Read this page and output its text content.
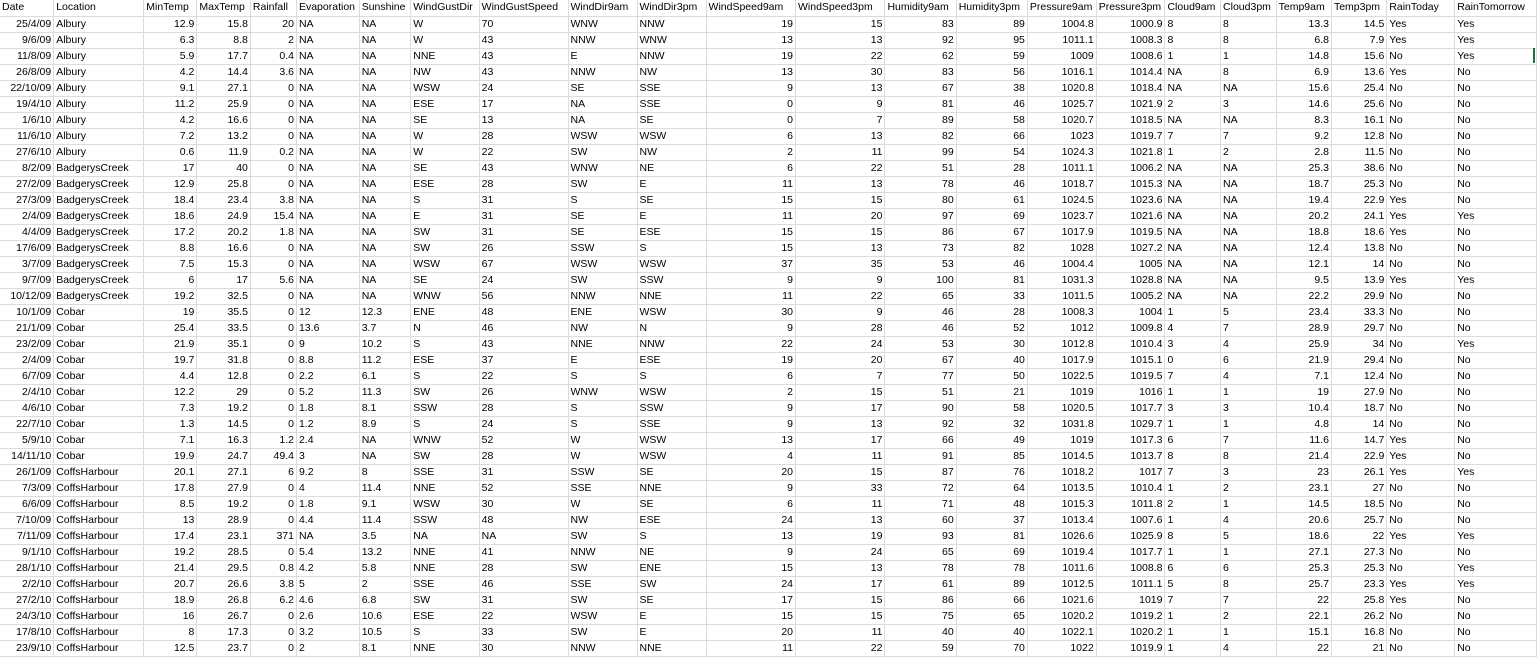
Date	Location	MinTemp	MaxTemp	Rainfall	Evaporation	Sunshine	WindGustDir	WindGustSpeed	WindDir9am	WindDir3pm	WindSpeed9am	WindSpeed3pm	Humidity9am	Humidity3pm	Pressure9am	Pressure3pm	Cloud9am	Cloud3pm	Temp9am	Temp3pm	RainToday	RainTomorrow
25/4/09	Albury	12.9	15.8	20	NA	NA	W	70	WNW	NNW	19	15	83	89	1004.8	1000.9	8	8	13.3	14.5	Yes	Yes
9/6/09	Albury	6.3	8.8	2	NA	NA	W	43	NNW	WNW	13	13	92	95	1011.1	1008.3	8	8	6.8	7.9	Yes	Yes
11/8/09	Albury	5.9	17.7	0.4	NA	NA	NNE	43	E	NNW	19	22	62	59	1009	1008.6	1	1	14.8	15.6	No	Yes
26/8/09	Albury	4.2	14.4	3.6	NA	NA	NW	43	NNW	NW	13	30	83	56	1016.1	1014.4	NA	8	6.9	13.6	Yes	No
22/10/09	Albury	9.1	27.1	0	NA	NA	WSW	24	SE	SSE	9	13	67	38	1020.8	1018.4	NA	NA	15.6	25.4	No	No
19/4/10	Albury	11.2	25.9	0	NA	NA	ESE	17	NA	SSE	0	9	81	46	1025.7	1021.9	2	3	14.6	25.6	No	No
1/6/10	Albury	4.2	16.6	0	NA	NA	SE	13	NA	SE	0	7	89	58	1020.7	1018.5	NA	NA	8.3	16.1	No	No
11/6/10	Albury	7.2	13.2	0	NA	NA	W	28	WSW	WSW	6	13	82	66	1023	1019.7	7	7	9.2	12.8	No	No
27/6/10	Albury	0.6	11.9	0.2	NA	NA	W	22	SW	NW	2	11	99	54	1024.3	1021.8	1	2	2.8	11.5	No	No
8/2/09	BadgerysCreek	17	40	0	NA	NA	SE	43	WNW	NE	6	22	51	28	1011.1	1006.2	NA	NA	25.3	38.6	No	No
27/2/09	BadgerysCreek	12.9	25.8	0	NA	NA	ESE	28	SW	E	11	13	78	46	1018.7	1015.3	NA	NA	18.7	25.3	No	No
27/3/09	BadgerysCreek	18.4	23.4	3.8	NA	NA	S	31	S	SE	15	15	80	61	1024.5	1023.6	NA	NA	19.4	22.9	Yes	No
2/4/09	BadgerysCreek	18.6	24.9	15.4	NA	NA	E	31	SE	E	11	20	97	69	1023.7	1021.6	NA	NA	20.2	24.1	Yes	Yes
4/4/09	BadgerysCreek	17.2	20.2	1.8	NA	NA	SW	31	SE	ESE	15	15	86	67	1017.9	1019.5	NA	NA	18.8	18.6	Yes	No
17/6/09	BadgerysCreek	8.8	16.6	0	NA	NA	SW	26	SSW	S	15	13	73	82	1028	1027.2	NA	NA	12.4	13.8	No	No
3/7/09	BadgerysCreek	7.5	15.3	0	NA	NA	WSW	67	WSW	WSW	37	35	53	46	1004.4	1005	NA	NA	12.1	14	No	No
9/7/09	BadgerysCreek	6	17	5.6	NA	NA	SE	24	SW	SSW	9	9	100	81	1031.3	1028.8	NA	NA	9.5	13.9	Yes	Yes
10/12/09	BadgerysCreek	19.2	32.5	0	NA	NA	WNW	56	NNW	NNE	11	22	65	33	1011.5	1005.2	NA	NA	22.2	29.9	No	No
10/1/09	Cobar	19	35.5	0	12	12.3	ENE	48	ENE	WSW	30	9	46	28	1008.3	1004	1	5	23.4	33.3	No	No
21/1/09	Cobar	25.4	33.5	0	13.6	3.7	N	46	NW	N	9	28	46	52	1012	1009.8	4	7	28.9	29.7	No	No
23/2/09	Cobar	21.9	35.1	0	9	10.2	S	43	NNE	NNW	22	24	53	30	1012.8	1010.4	3	4	25.9	34	No	Yes
2/4/09	Cobar	19.7	31.8	0	8.8	11.2	ESE	37	E	ESE	19	20	67	40	1017.9	1015.1	0	6	21.9	29.4	No	No
6/7/09	Cobar	4.4	12.8	0	2.2	6.1	S	22	S	S	6	7	77	50	1022.5	1019.5	7	4	7.1	12.4	No	No
2/4/10	Cobar	12.2	29	0	5.2	11.3	SW	26	WNW	WSW	2	15	51	21	1019	1016	1	1	19	27.9	No	No
4/6/10	Cobar	7.3	19.2	0	1.8	8.1	SSW	28	S	SSW	9	17	90	58	1020.5	1017.7	3	3	10.4	18.7	No	No
22/7/10	Cobar	1.3	14.5	0	1.2	8.9	S	24	S	SSE	9	13	92	32	1031.8	1029.7	1	1	4.8	14	No	No
5/9/10	Cobar	7.1	16.3	1.2	2.4	NA	WNW	52	W	WSW	13	17	66	49	1019	1017.3	6	7	11.6	14.7	Yes	No
14/11/10	Cobar	19.9	24.7	49.4	3	NA	SW	28	W	WSW	4	11	91	85	1014.5	1013.7	8	8	21.4	22.9	Yes	No
26/1/09	CoffsHarbour	20.1	27.1	6	9.2	8	SSE	31	SSW	SE	20	15	87	76	1018.2	1017	7	3	23	26.1	Yes	Yes
7/3/09	CoffsHarbour	17.8	27.9	0	4	11.4	NNE	52	SSE	NNE	9	33	72	64	1013.5	1010.4	1	2	23.1	27	No	No
6/6/09	CoffsHarbour	8.5	19.2	0	1.8	9.1	WSW	30	W	SE	6	11	71	48	1015.3	1011.8	2	1	14.5	18.5	No	No
7/10/09	CoffsHarbour	13	28.9	0	4.4	11.4	SSW	48	NW	ESE	24	13	60	37	1013.4	1007.6	1	4	20.6	25.7	No	No
7/11/09	CoffsHarbour	17.4	23.1	371	NA	3.5	NA	NA	SW	S	13	19	93	81	1026.6	1025.9	8	5	18.6	22	Yes	Yes
9/1/10	CoffsHarbour	19.2	28.5	0	5.4	13.2	NNE	41	NNW	NE	9	24	65	69	1019.4	1017.7	1	1	27.1	27.3	No	No
28/1/10	CoffsHarbour	21.4	29.5	0.8	4.2	5.8	NNE	28	SW	ENE	15	13	78	78	1011.6	1008.8	6	6	25.3	25.3	No	Yes
2/2/10	CoffsHarbour	20.7	26.6	3.8	5	2	SSE	46	SSE	SW	24	17	61	89	1012.5	1011.1	5	8	25.7	23.3	Yes	Yes
27/2/10	CoffsHarbour	18.9	26.8	6.2	4.6	6.8	SW	31	SW	SE	17	15	86	66	1021.6	1019	7	7	22	25.8	Yes	No
24/3/10	CoffsHarbour	16	26.7	0	2.6	10.6	ESE	22	WSW	E	15	15	75	65	1020.2	1019.2	1	2	22.1	26.2	No	No
17/8/10	CoffsHarbour	8	17.3	0	3.2	10.5	S	33	SW	E	20	11	40	40	1022.1	1020.2	1	1	15.1	16.8	No	No
23/9/10	CoffsHarbour	12.5	23.7	0	2	8.1	NNE	30	NNW	NNE	11	22	59	70	1022	1019.9	1	4	22	21	No	No
